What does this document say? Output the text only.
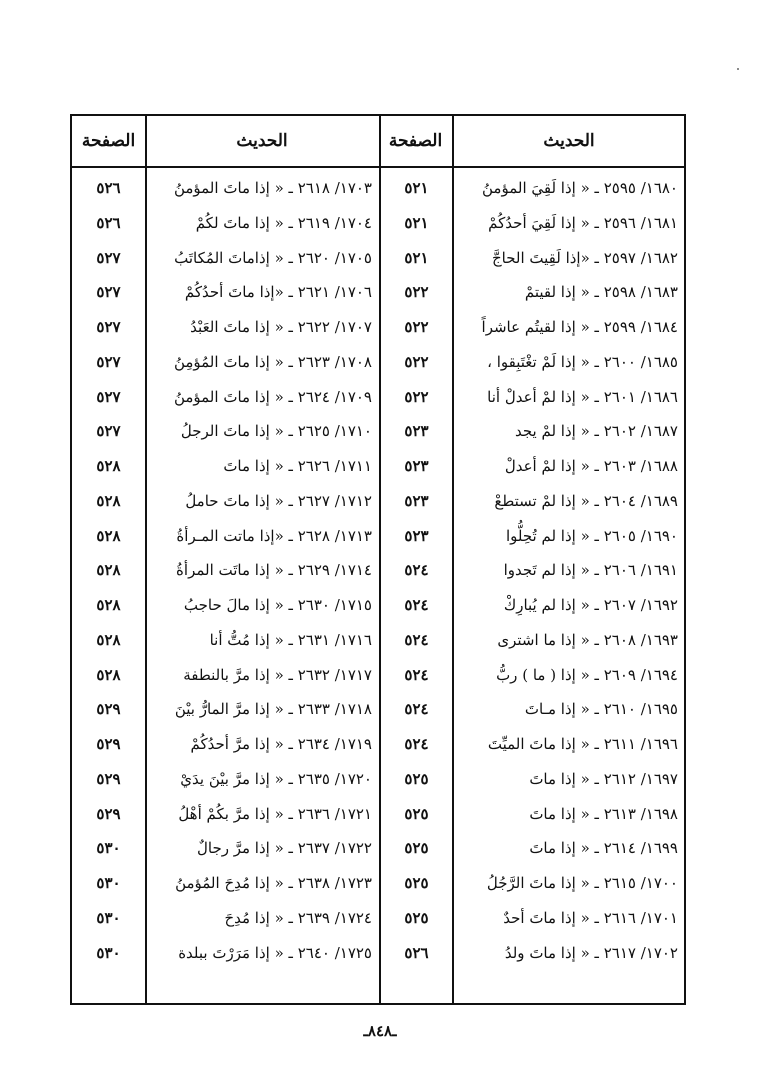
الحديث
الصفحة
الحديث
الصفحة
١٦٨٠/ ٢٥٩٥ ـ « إذا لَقِيَ المؤمنُ
٥٢١
١٧٠٣/ ٢٦١٨ ـ « إذا ماتَ المؤمنُ
٥٢٦
١٦٨١/ ٢٥٩٦ ـ « إذا لَقِيَ أحدُكُمْ
٥٢١
١٧٠٤/ ٢٦١٩ ـ « إذا ماتَ لكُمْ
٥٢٦
١٦٨٢/ ٢٥٩٧ ـ «إذا لَقِيتَ الحاجَّ
٥٢١
١٧٠٥/ ٢٦٢٠ ـ « إذاماتَ المُكاتَبُ
٥٢٧
١٦٨٣/ ٢٥٩٨ ـ « إذا لقيتمْ
٥٢٢
١٧٠٦/ ٢٦٢١ ـ «إذا ماتَ أحدُكُمْ
٥٢٧
١٦٨٤/ ٢٥٩٩ ـ « إذا لقيتُم عاشراً
٥٢٢
١٧٠٧/ ٢٦٢٢ ـ « إذا ماتَ العَبْدُ
٥٢٧
١٦٨٥/ ٢٦٠٠ ـ « إذا لَمْ تغْتَبِقوا ،
٥٢٢
١٧٠٨/ ٢٦٢٣ ـ « إذا ماتَ المُؤمِنُ
٥٢٧
١٦٨٦/ ٢٦٠١ ـ « إذا لمْ أعدلْ أنا
٥٢٢
١٧٠٩/ ٢٦٢٤ ـ « إذا ماتَ المؤمنُ
٥٢٧
١٦٨٧/ ٢٦٠٢ ـ « إذا لمْ يجد
٥٢٣
١٧١٠/ ٢٦٢٥ ـ « إذا ماتَ الرجلُ
٥٢٧
١٦٨٨/ ٢٦٠٣ ـ « إذا لمْ أعدلْ
٥٢٣
١٧١١/ ٢٦٢٦ ـ « إذا ماتَ
٥٢٨
١٦٨٩/ ٢٦٠٤ ـ « إذا لمْ تستطعْ
٥٢٣
١٧١٢/ ٢٦٢٧ ـ « إذا ماتَ حاملُ
٥٢٨
١٦٩٠/ ٢٦٠٥ ـ « إذا لم تُحِلُّوا
٥٢٣
١٧١٣/ ٢٦٢٨ ـ «إذا ماتت المـرأةُ
٥٢٨
١٦٩١/ ٢٦٠٦ ـ « إذا لم تَجدوا
٥٢٤
١٧١٤/ ٢٦٢٩ ـ « إذا ماتَت المرأةُ
٥٢٨
١٦٩٢/ ٢٦٠٧ ـ « إذا لم يُبارِكْ
٥٢٤
١٧١٥/ ٢٦٣٠ ـ « إذا مالَ حاجبُ
٥٢٨
١٦٩٣/ ٢٦٠٨ ـ « إذا ما اشترى
٥٢٤
١٧١٦/ ٢٦٣١ ـ « إذا مُتُّ أنا
٥٢٨
١٦٩٤/ ٢٦٠٩ ـ « إذا ( ما ) ربُّ
٥٢٤
١٧١٧/ ٢٦٣٢ ـ « إذا مرَّ بالنطفة
٥٢٨
١٦٩٥/ ٢٦١٠ ـ « إذا مـاتَ
٥٢٤
١٧١٨/ ٢٦٣٣ ـ « إذا مرَّ المارُّ بيْنَ
٥٢٩
١٦٩٦/ ٢٦١١ ـ « إذا ماتَ الميِّتَ
٥٢٤
١٧١٩/ ٢٦٣٤ ـ « إذا مرَّ أحدُكُمْ
٥٢٩
١٦٩٧/ ٢٦١٢ ـ « إذا ماتَ
٥٢٥
١٧٢٠/ ٢٦٣٥ ـ « إذا مرَّ بيْنَ يدَيْ
٥٢٩
١٦٩٨/ ٢٦١٣ ـ « إذا ماتَ
٥٢٥
١٧٢١/ ٢٦٣٦ ـ « إذا مرَّ بكُمْ أهْلُ
٥٢٩
١٦٩٩/ ٢٦١٤ ـ « إذا ماتَ
٥٢٥
١٧٢٢/ ٢٦٣٧ ـ « إذا مرَّ رجالٌ
٥٣٠
١٧٠٠/ ٢٦١٥ ـ « إذا ماتَ الرَّجُلُ
٥٢٥
١٧٢٣/ ٢٦٣٨ ـ « إذا مُدِحَ المُؤمنُ
٥٣٠
١٧٠١/ ٢٦١٦ ـ « إذا ماتَ أحدٌ
٥٢٥
١٧٢٤/ ٢٦٣٩ ـ « إذا مُدِحَ
٥٣٠
١٧٠٢/ ٢٦١٧ ـ « إذا ماتَ ولدُ
٥٢٦
١٧٢٥/ ٢٦٤٠ ـ « إذا مَرَرْتَ ببلدة
٥٣٠
ـ٨٤٨ـ
